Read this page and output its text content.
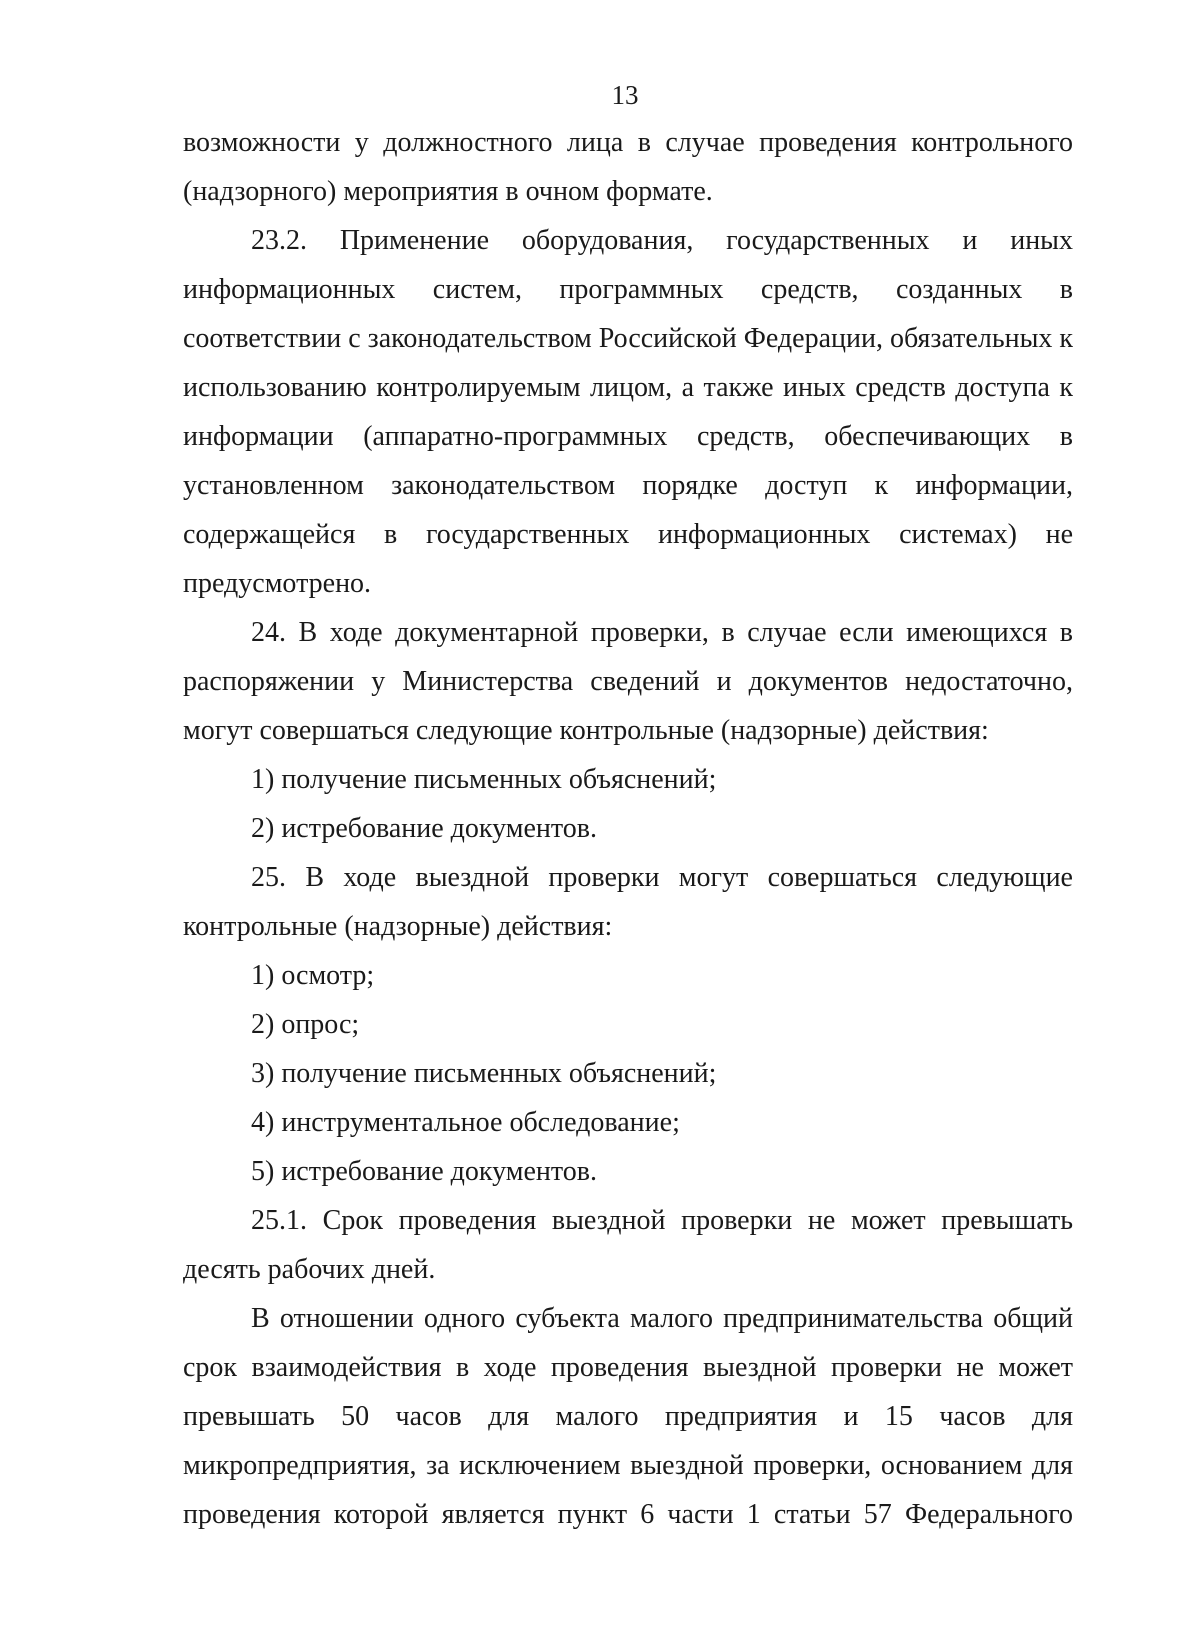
13

возможности у должностного лица в случае проведения контрольного (надзорного) мероприятия в очном формате.

23.2. Применение оборудования, государственных и иных информационных систем, программных средств, созданных в соответствии с законодательством Российской Федерации, обязательных к использованию контролируемым лицом, а также иных средств доступа к информации (аппаратно-программных средств, обеспечивающих в установленном законодательством порядке доступ к информации, содержащейся в государственных информационных системах) не предусмотрено.

24. В ходе документарной проверки, в случае если имеющихся в распоряжении у Министерства сведений и документов недостаточно, могут совершаться следующие контрольные (надзорные) действия:

1) получение письменных объяснений;

2) истребование документов.

25. В ходе выездной проверки могут совершаться следующие контрольные (надзорные) действия:

1) осмотр;

2) опрос;

3) получение письменных объяснений;

4) инструментальное обследование;

5) истребование документов.

25.1. Срок проведения выездной проверки не может превышать десять рабочих дней.

В отношении одного субъекта малого предпринимательства общий срок взаимодействия в ходе проведения выездной проверки не может превышать 50 часов для малого предприятия и 15 часов для микропредприятия, за исключением выездной проверки, основанием для проведения которой является пункт 6 части 1 статьи 57 Федерального
